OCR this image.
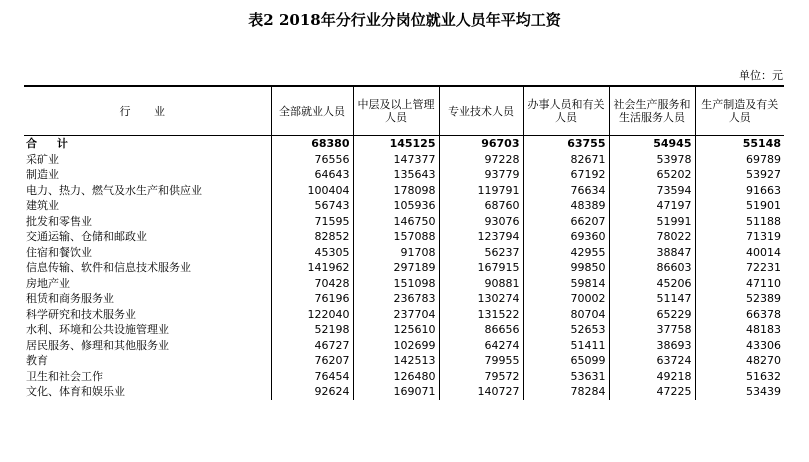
表2 2018年分行业分岗位就业人员年平均工资
单位：元
行 业	全部就业人员	中层及以上管理人员	专业技术人员	办事人员和有关人员	社会生产服务和生活服务人员	生产制造及有关人员
合 计	68380	145125	96703	63755	54945	55148
采矿业	76556	147377	97228	82671	53978	69789
制造业	64643	135643	93779	67192	65202	53927
电力、热力、燃气及水生产和供应业	100404	178098	119791	76634	73594	91663
建筑业	56743	105936	68760	48389	47197	51901
批发和零售业	71595	146750	93076	66207	51991	51188
交通运输、仓储和邮政业	82852	157088	123794	69360	78022	71319
住宿和餐饮业	45305	91708	56237	42955	38847	40014
信息传输、软件和信息技术服务业	141962	297189	167915	99850	86603	72231
房地产业	70428	151098	90881	59814	45206	47110
租赁和商务服务业	76196	236783	130274	70002	51147	52389
科学研究和技术服务业	122040	237704	131522	80704	65229	66378
水利、环境和公共设施管理业	52198	125610	86656	52653	37758	48183
居民服务、修理和其他服务业	46727	102699	64274	51411	38693	43306
教育	76207	142513	79955	65099	63724	48270
卫生和社会工作	76454	126480	79572	53631	49218	51632
文化、体育和娱乐业	92624	169071	140727	78284	47225	53439
